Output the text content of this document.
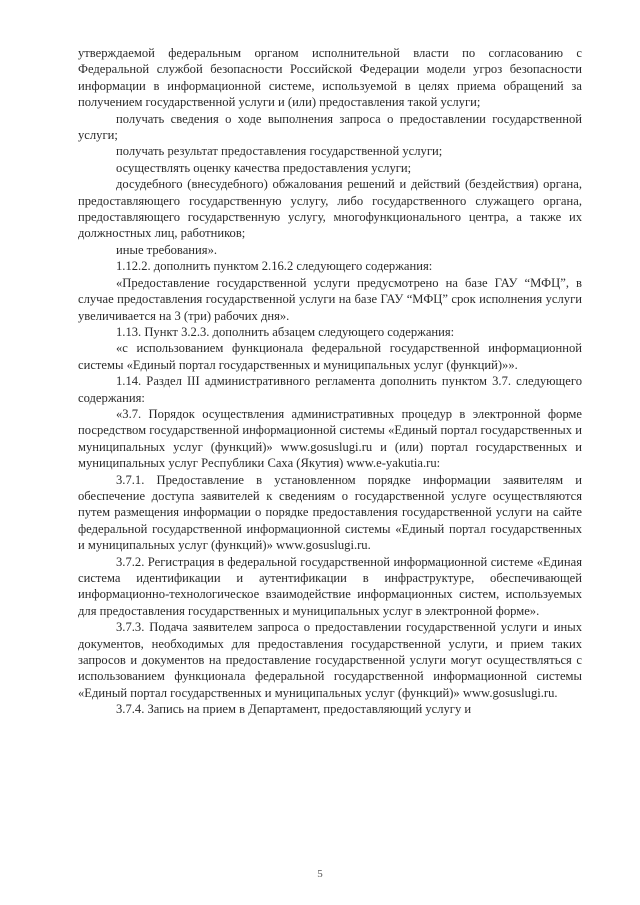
утверждаемой федеральным органом исполнительной власти по согласованию с Федеральной службой безопасности Российской Федерации модели угроз безопасности информации в информационной системе, используемой в целях приема обращений за получением государственной услуги и (или) предоставления такой услуги;

получать сведения о ходе выполнения запроса о предоставлении государственной услуги;

получать результат предоставления государственной услуги;

осуществлять оценку качества предоставления услуги;

досудебного (внесудебного) обжалования решений и действий (бездействия) органа, предоставляющего государственную услугу, либо государственного служащего органа, предоставляющего государственную услугу, многофункционального центра, а также их должностных лиц, работников;

иные требования».

1.12.2. дополнить пунктом 2.16.2 следующего содержания:

«Предоставление государственной услуги предусмотрено на базе ГАУ “МФЦ”, в случае предоставления государственной услуги на базе ГАУ “МФЦ” срок исполнения услуги увеличивается на 3 (три) рабочих дня».

1.13. Пункт 3.2.3. дополнить абзацем следующего содержания:

«с использованием функционала федеральной государственной информационной системы «Единый портал государственных и муниципальных услуг (функций)»».

1.14. Раздел III административного регламента дополнить пунктом 3.7. следующего содержания:

«3.7. Порядок осуществления административных процедур в электронной форме посредством государственной информационной системы «Единый портал государственных и муниципальных услуг (функций)» www.gosuslugi.ru и (или) портал государственных и муниципальных услуг Республики Саха (Якутия) www.e-yakutia.ru:

3.7.1. Предоставление в установленном порядке информации заявителям и обеспечение доступа заявителей к сведениям о государственной услуге осуществляются путем размещения информации о порядке предоставления государственной услуги на сайте федеральной государственной информационной системы «Единый портал государственных и муниципальных услуг (функций)» www.gosuslugi.ru.

3.7.2. Регистрация в федеральной государственной информационной системе «Единая система идентификации и аутентификации в инфраструктуре, обеспечивающей информационно-технологическое взаимодействие информационных систем, используемых для предоставления государственных и муниципальных услуг в электронной форме».

3.7.3. Подача заявителем запроса о предоставлении государственной услуги и иных документов, необходимых для предоставления государственной услуги, и прием таких запросов и документов на предоставление государственной услуги могут осуществляться с использованием функционала федеральной государственной информационной системы «Единый портал государственных и муниципальных услуг (функций)» www.gosuslugi.ru.

3.7.4. Запись на прием в Департамент, предоставляющий услугу и

5
